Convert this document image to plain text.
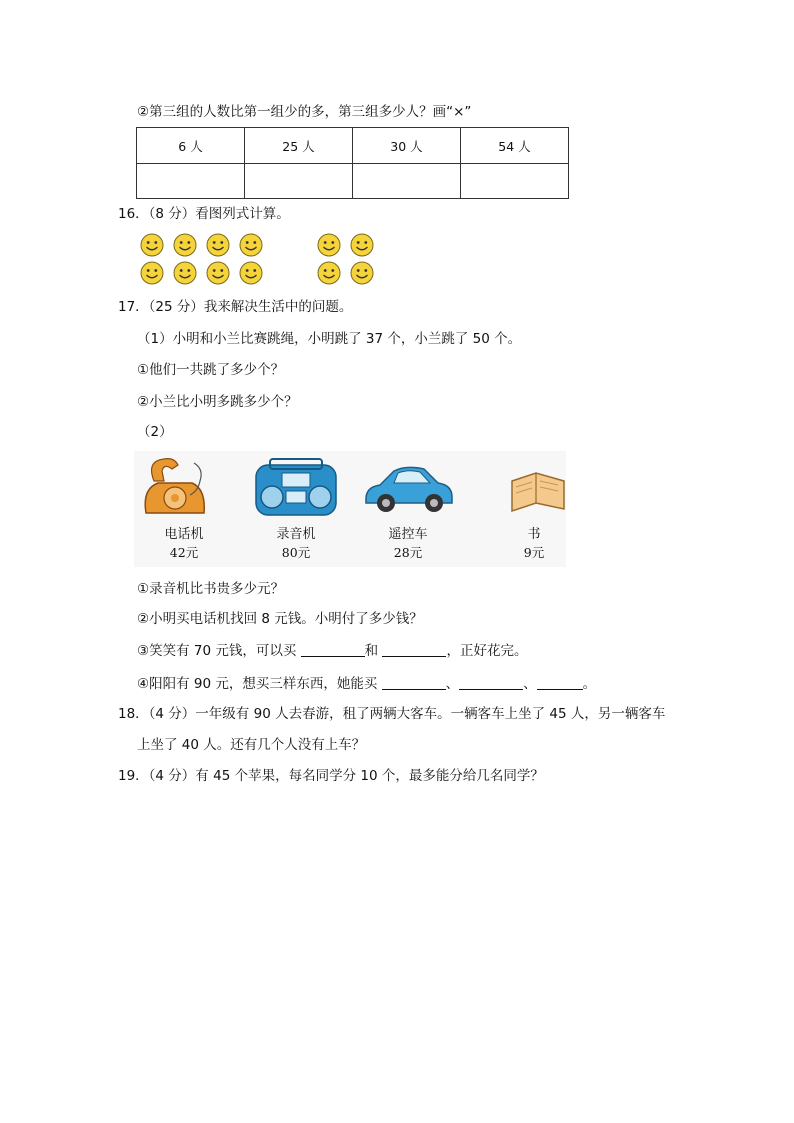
②第三组的人数比第一组少的多，第三组多少人？画“×”
6 人	25 人	30 人	54 人

16．（8 分）看图列式计算。
17．（25 分）我来解决生活中的问题。
（1）小明和小兰比赛跳绳，小明跳了 37 个，小兰跳了 50 个。
①他们一共跳了多少个？
②小兰比小明多跳多少个？
（2）
电话机
42元
录音机
80元
遥控车
28元
书
9元
①录音机比书贵多少元？
②小明买电话机找回 8 元钱。小明付了多少钱？
③笑笑有 70 元钱，可以买	和	，正好花完。
④阳阳有 90 元，想买三样东西，她能买	、	、	。
18．（4 分）一年级有 90 人去春游，租了两辆大客车。一辆客车上坐了 45 人，另一辆客车
上坐了 40 人。还有几个人没有上车？
19．（4 分）有 45 个苹果，每名同学分 10 个，最多能分给几名同学？
